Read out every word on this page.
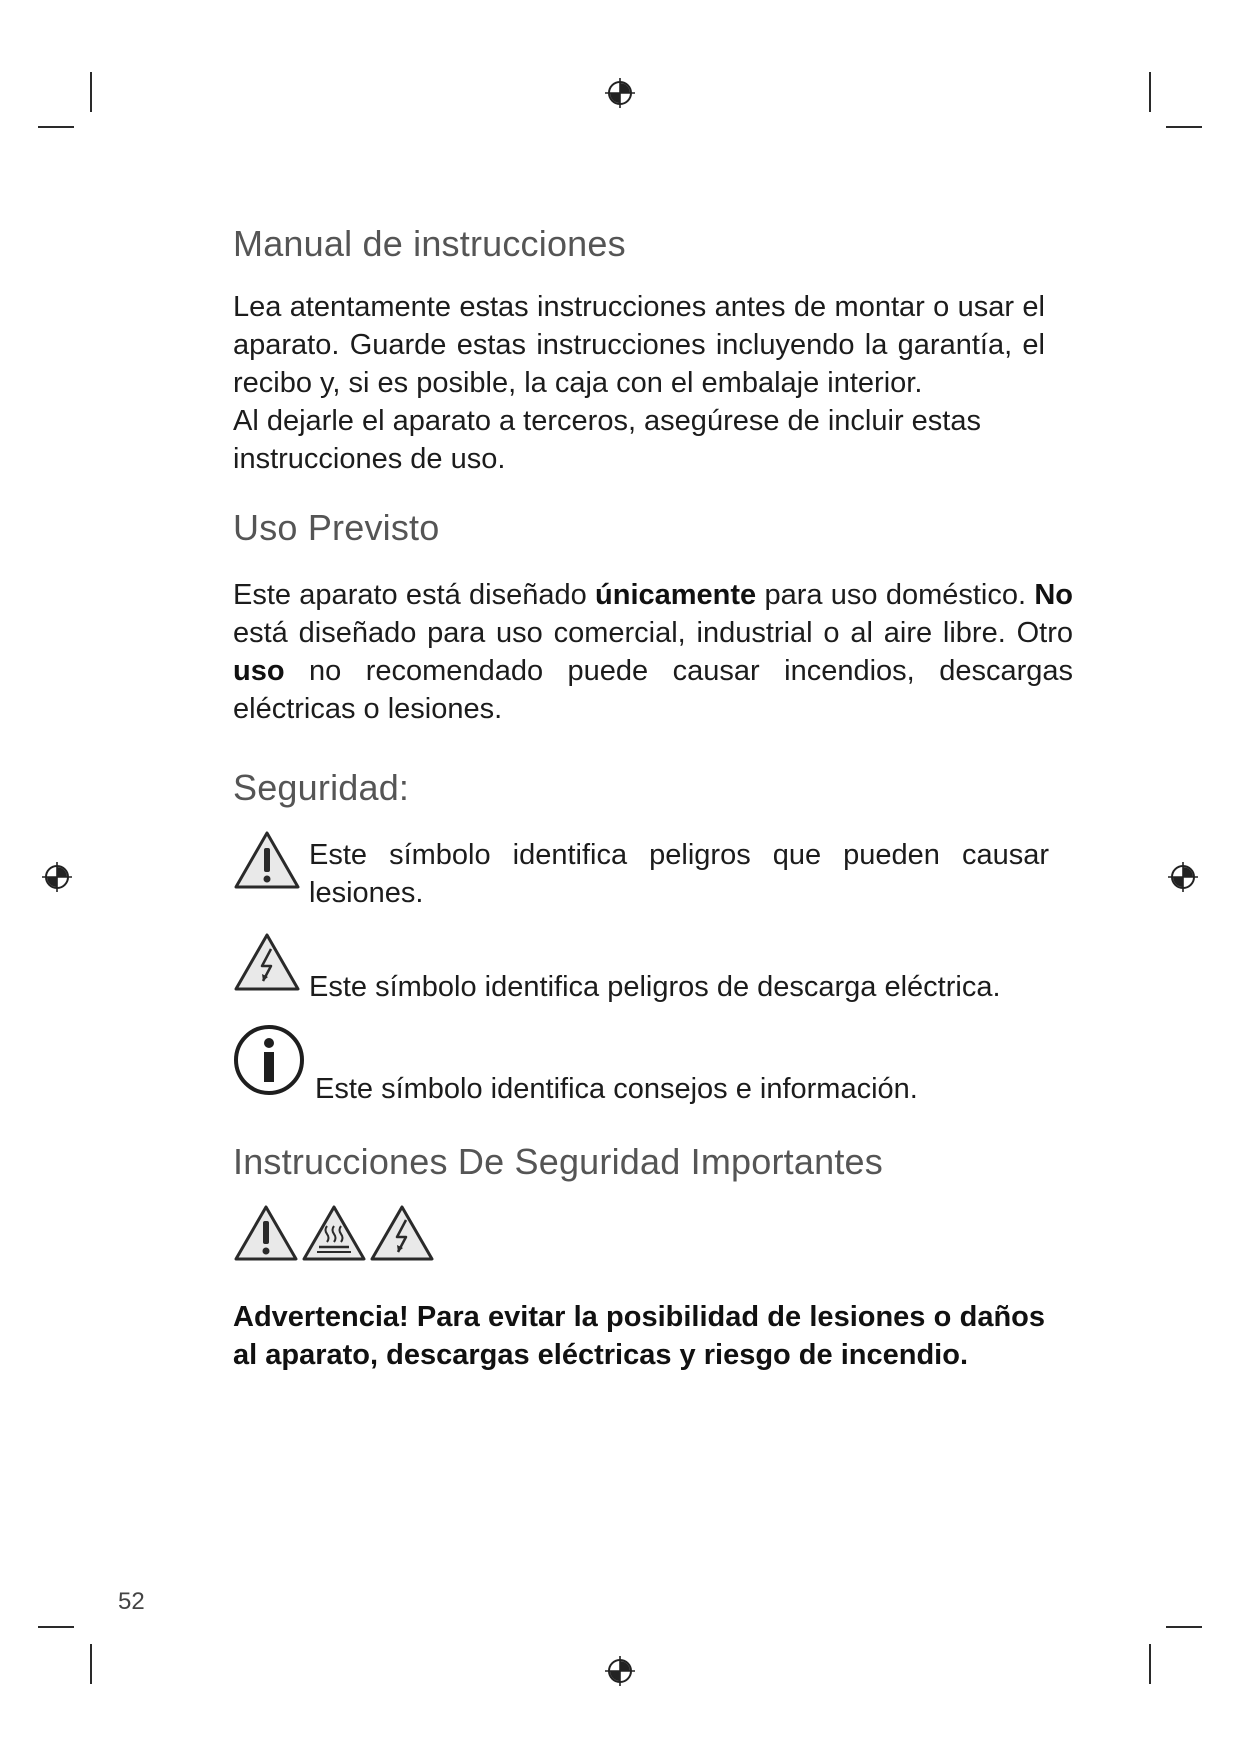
Manual de instrucciones

Lea atentamente estas instrucciones antes de montar o usar el aparato. Guarde estas instrucciones incluyendo la garantía, el recibo y, si es posible, la caja con el embalaje interior.

Al dejarle el aparato a terceros, asegúrese de incluir estas instrucciones de uso.

Uso Previsto

Este aparato está diseñado únicamente para uso doméstico. No está diseñado para uso comercial, industrial o al aire libre. Otro uso no recomendado puede causar incendios, descargas eléctricas o lesiones.

Seguridad:
Este símbolo identifica peligros que pueden causar lesiones.
Este símbolo identifica peligros de descarga eléctrica.
Este símbolo identifica consejos e información.
Instrucciones De Seguridad Importantes

Advertencia! Para evitar la posibilidad de lesiones o daños al aparato, descargas eléctricas y riesgo de incendio.

52
